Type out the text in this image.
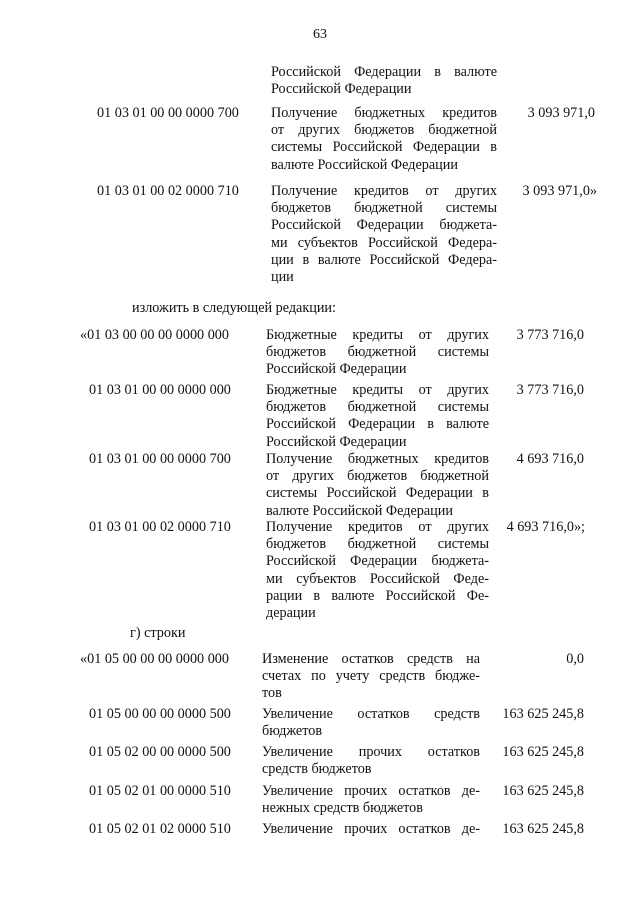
63
Российской Федерации в валюте
Российской Федерации
01 03 01 00 00 0000 700 Получение бюджетных кредитов
от других бюджетов бюджетной
системы Российской Федерации в
валюте Российской Федерации
3 093 971,0
01 03 01 00 02 0000 710 Получение кредитов от других
бюджетов бюджетной системы
Российской Федерации бюджета-
ми субъектов Российской Федера-
ции в валюте Российской Федера-
ции
3 093 971,0»
изложить в следующей редакции:
«01 03 00 00 00 0000 000	Бюджетные кредиты от других
бюджетов бюджетной системы
Российской Федерации
3 773 716,0
01 03 01 00 00 0000 000 Бюджетные кредиты от других
бюджетов бюджетной системы
Российской Федерации в валюте
Российской Федерации
3 773 716,0
01 03 01 00 00 0000 700 Получение бюджетных кредитов
от других бюджетов бюджетной
системы Российской Федерации в
валюте Российской Федерации
4 693 716,0
01 03 01 00 02 0000 710 Получение кредитов от других
бюджетов бюджетной системы
Российской Федерации бюджета-
ми субъектов Российской Феде-
рации в валюте Российской Фе-
дерации
4 693 716,0»;
г) строки
«01 05 00 00 00 0000 000 Изменение остатков средств на
счетах по учету средств бюдже-
тов
0,0
01 05 00 00 00 0000 500 Увеличение остатков средств
бюджетов
163 625 245,8
01 05 02 00 00 0000 500 Увеличение прочих остатков
средств бюджетов
163 625 245,8
01 05 02 01 00 0000 510 Увеличение прочих остатков де-
нежных средств бюджетов
163 625 245,8
01 05 02 01 02 0000 510 Увеличение прочих остатков де- 163 625 245,8
